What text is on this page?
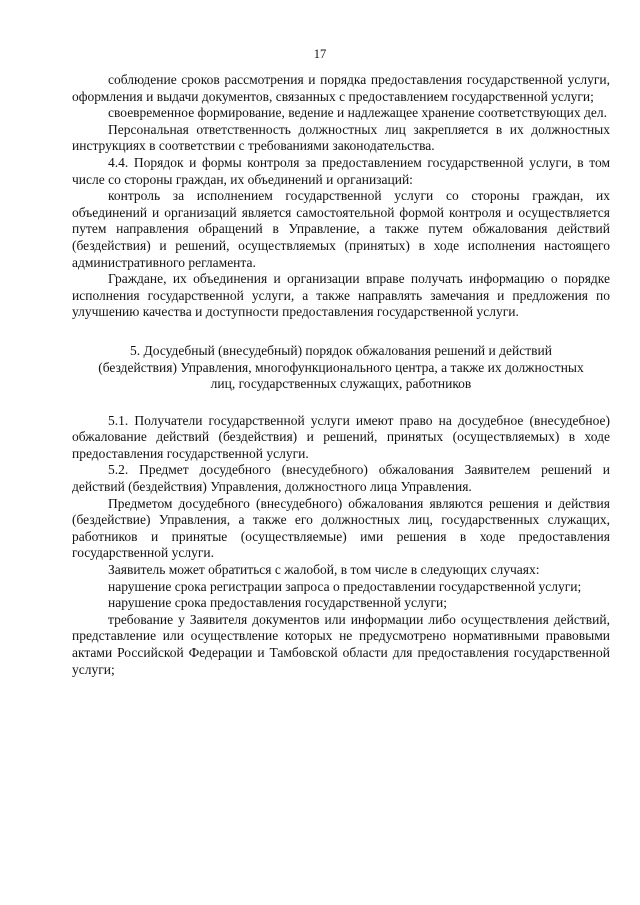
17

соблюдение сроков рассмотрения и порядка предоставления государственной услуги, оформления и выдачи документов, связанных с предоставлением государственной услуги;

своевременное формирование, ведение и надлежащее хранение соответствующих дел.

Персональная ответственность должностных лиц закрепляется в их должностных инструкциях в соответствии с требованиями законодательства.

4.4. Порядок и формы контроля за предоставлением государственной услуги, в том числе со стороны граждан, их объединений и организаций:

контроль за исполнением государственной услуги со стороны граждан, их объединений и организаций является самостоятельной формой контроля и осуществляется путем направления обращений в Управление, а также путем обжалования действий (бездействия) и решений, осуществляемых (принятых) в ходе исполнения настоящего административного регламента.

Граждане, их объединения и организации вправе получать информацию о порядке исполнения государственной услуги, а также направлять замечания и предложения по улучшению качества и доступности предоставления государственной услуги.

5. Досудебный (внесудебный) порядок обжалования решений и действий (бездействия) Управления, многофункционального центра, а также их должностных лиц, государственных служащих, работников

5.1. Получатели государственной услуги имеют право на досудебное (внесудебное) обжалование действий (бездействия) и решений, принятых (осуществляемых) в ходе предоставления государственной услуги.

5.2. Предмет досудебного (внесудебного) обжалования Заявителем решений и действий (бездействия) Управления, должностного лица Управления.

Предметом досудебного (внесудебного) обжалования являются решения и действия (бездействие) Управления, а также его должностных лиц, государственных служащих, работников и принятые (осуществляемые) ими решения в ходе предоставления государственной услуги.

Заявитель может обратиться с жалобой, в том числе в следующих случаях:

нарушение срока регистрации запроса о предоставлении государственной услуги;

нарушение срока предоставления государственной услуги;

требование у Заявителя документов или информации либо осуществления действий, представление или осуществление которых не предусмотрено нормативными правовыми актами Российской Федерации и Тамбовской области для предоставления государственной услуги;
